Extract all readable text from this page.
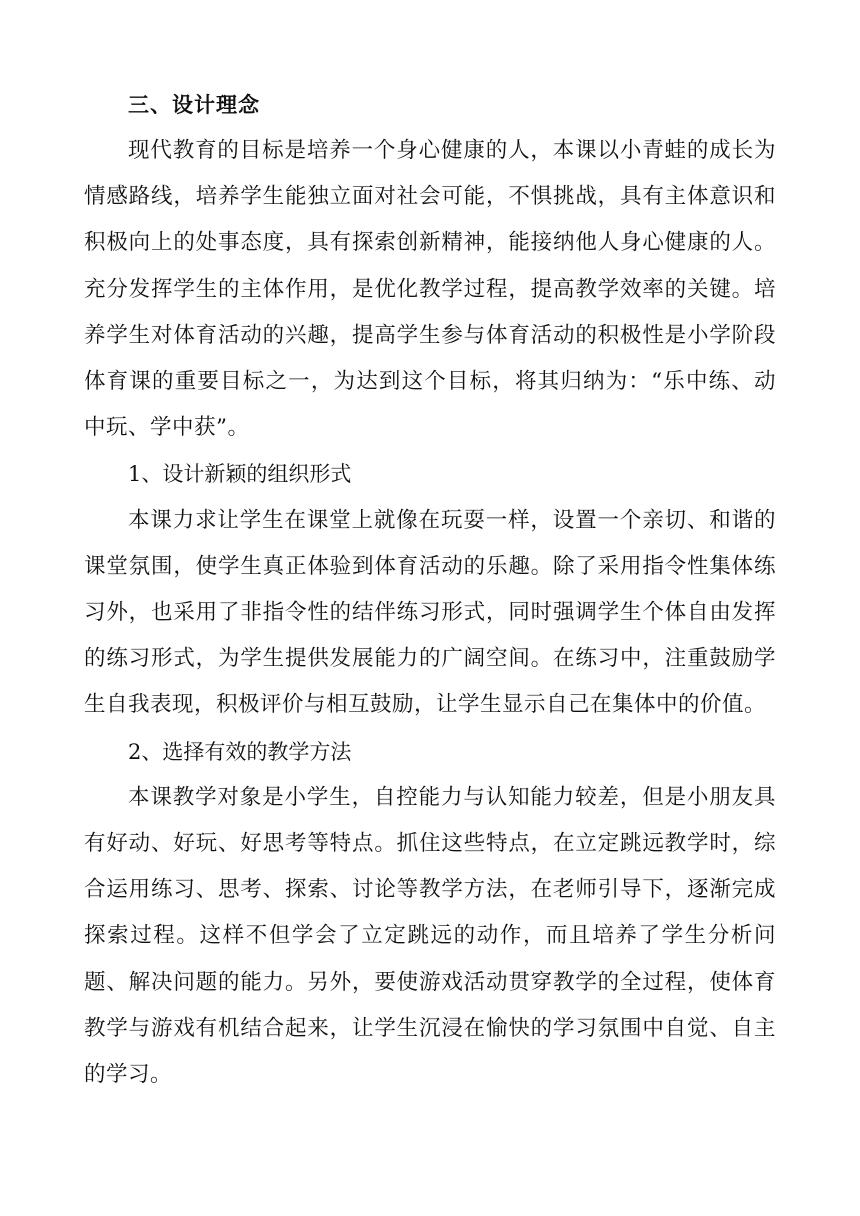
三、设计理念

现代教育的目标是培养一个身心健康的人，本课以小青蛙的成长为情感路线，培养学生能独立面对社会可能，不惧挑战，具有主体意识和积极向上的处事态度，具有探索创新精神，能接纳他人身心健康的人。充分发挥学生的主体作用，是优化教学过程，提高教学效率的关键。培养学生对体育活动的兴趣，提高学生参与体育活动的积极性是小学阶段体育课的重要目标之一，为达到这个目标，将其归纳为：“乐中练、动中玩、学中获”。

1、设计新颖的组织形式

本课力求让学生在课堂上就像在玩耍一样，设置一个亲切、和谐的课堂氛围，使学生真正体验到体育活动的乐趣。除了采用指令性集体练习外，也采用了非指令性的结伴练习形式，同时强调学生个体自由发挥的练习形式，为学生提供发展能力的广阔空间。在练习中，注重鼓励学生自我表现，积极评价与相互鼓励，让学生显示自己在集体中的价值。

2、选择有效的教学方法

本课教学对象是小学生，自控能力与认知能力较差，但是小朋友具有好动、好玩、好思考等特点。抓住这些特点，在立定跳远教学时，综合运用练习、思考、探索、讨论等教学方法，在老师引导下，逐渐完成探索过程。这样不但学会了立定跳远的动作，而且培养了学生分析问题、解决问题的能力。另外，要使游戏活动贯穿教学的全过程，使体育教学与游戏有机结合起来，让学生沉浸在愉快的学习氛围中自觉、自主的学习。
